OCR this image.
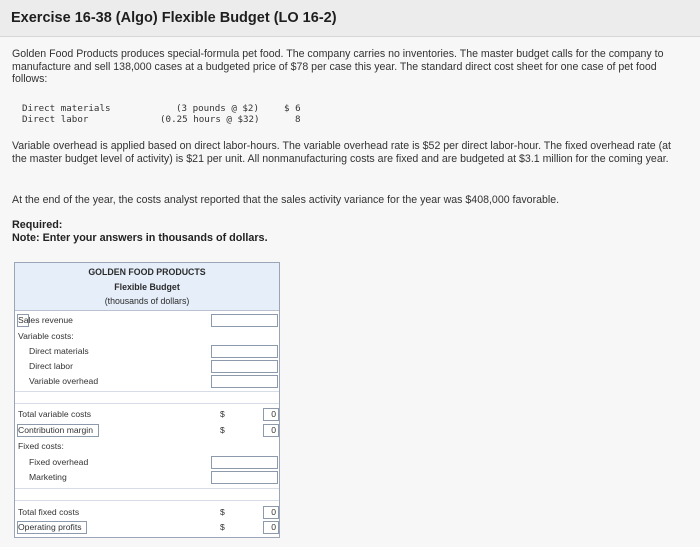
Exercise 16-38 (Algo) Flexible Budget (LO 16-2)
Golden Food Products produces special-formula pet food. The company carries no inventories. The master budget calls for the company to manufacture and sell 138,000 cases at a budgeted price of $78 per case this year. The standard direct cost sheet for one case of pet food follows:
Direct materials	(3 pounds @ $2)	$ 6
Direct labor	(0.25 hours @ $32)	8
Variable overhead is applied based on direct labor-hours. The variable overhead rate is $52 per direct labor-hour. The fixed overhead rate (at the master budget level of activity) is $21 per unit. All nonmanufacturing costs are fixed and are budgeted at $3.1 million for the coming year.
At the end of the year, the costs analyst reported that the sales activity variance for the year was $408,000 favorable.
Required:
Note: Enter your answers in thousands of dollars.
GOLDEN FOOD PRODUCTS
Flexible Budget
(thousands of dollars)
Sales revenue
Variable costs:
Direct materials
Direct labor
Variable overhead
Total variable costs	$	0
Contribution margin	$	0
Fixed costs:
Fixed overhead
Marketing
Total fixed costs	$	0
Operating profits	$	0
